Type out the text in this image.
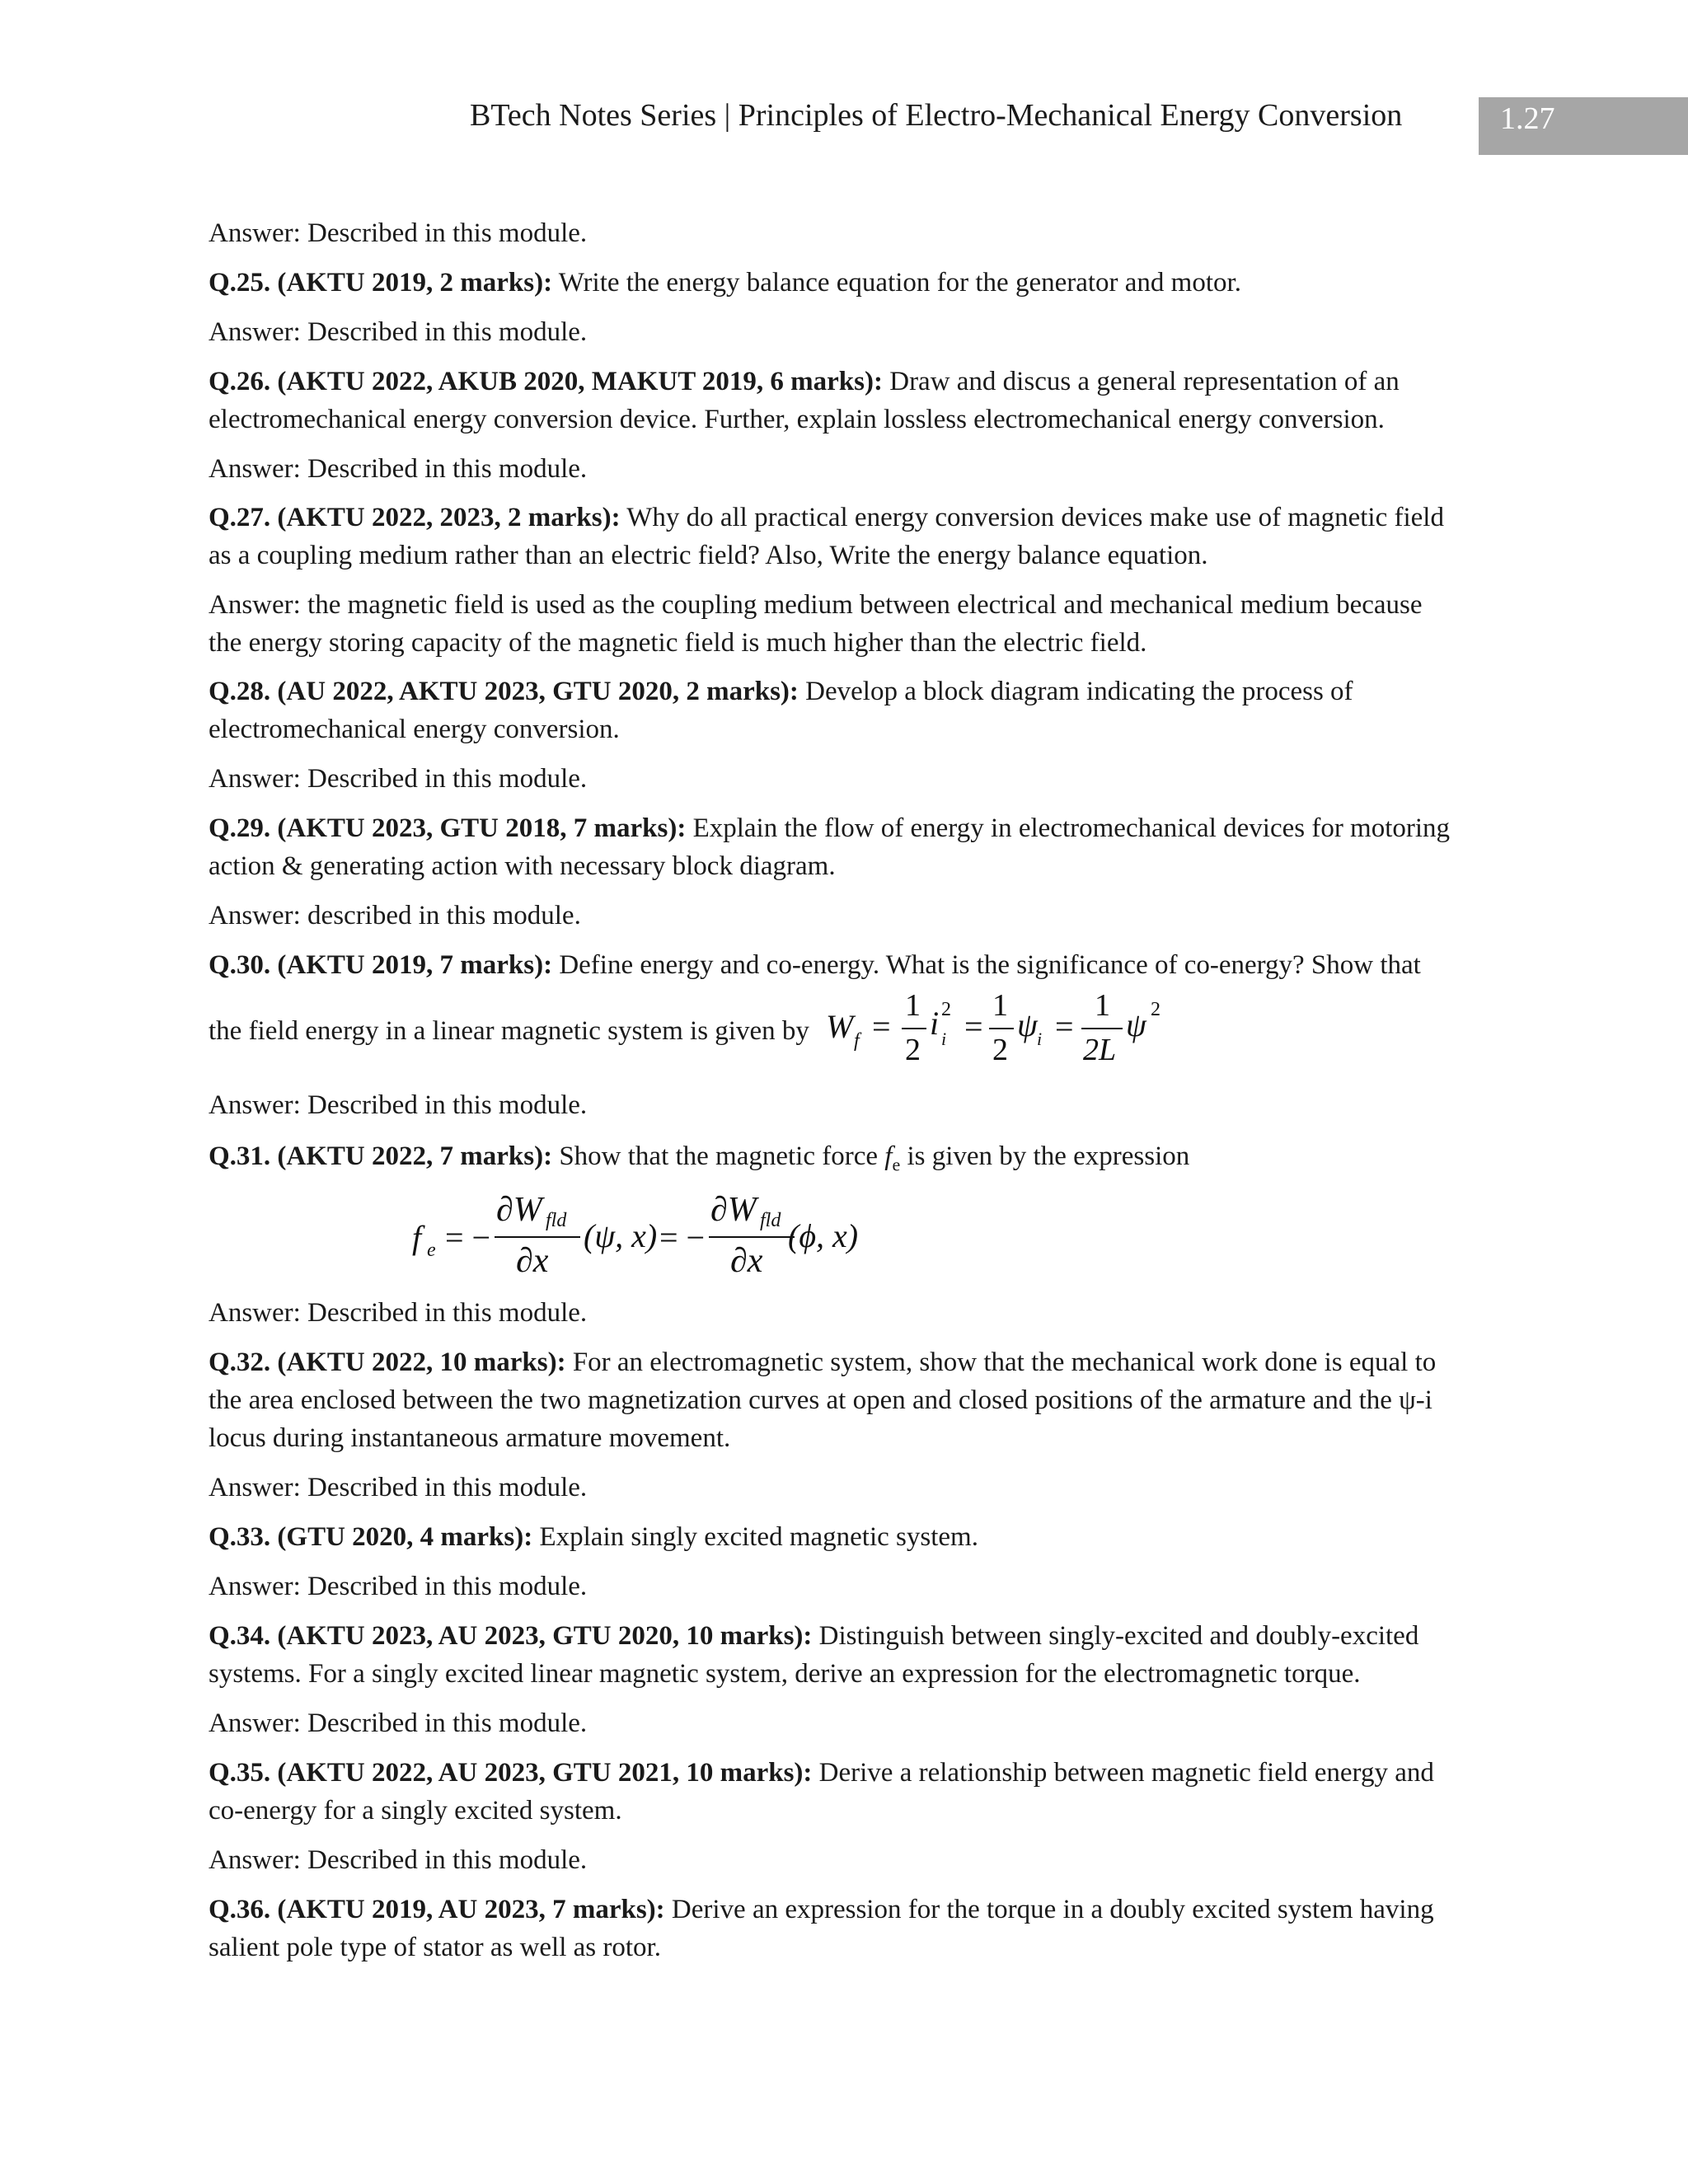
BTech Notes Series | Principles of Electro-Mechanical Energy Conversion	1.27
Answer: Described in this module.
Q.25. (AKTU 2019, 2 marks): Write the energy balance equation for the generator and motor.
Answer: Described in this module.
Q.26. (AKTU 2022, AKUB 2020, MAKUT 2019, 6 marks): Draw and discus a general representation of an
electromechanical energy conversion device. Further, explain lossless electromechanical energy conversion.
Answer: Described in this module.
Q.27. (AKTU 2022, 2023, 2 marks): Why do all practical energy conversion devices make use of magnetic field
as a coupling medium rather than an electric field? Also, Write the energy balance equation.
Answer: the magnetic field is used as the coupling medium between electrical and mechanical medium because
the energy storing capacity of the magnetic field is much higher than the electric field.
Q.28. (AU 2022, AKTU 2023, GTU 2020, 2 marks): Develop a block diagram indicating the process of
electromechanical energy conversion.
Answer: Described in this module.
Q.29. (AKTU 2023, GTU 2018, 7 marks): Explain the flow of energy in electromechanical devices for motoring
action & generating action with necessary block diagram.
Answer: described in this module.
Q.30. (AKTU 2019, 7 marks): Define energy and co-energy. What is the significance of co-energy? Show that
the field energy in a linear magnetic system is given by W f =
1
2
i 2
i =
1
2
ψ i =
1
2L
ψ 2
Answer: Described in this module.
Q.31. (AKTU 2022, 7 marks): Show that the magnetic force $f_e$ is given by the expression
f e = −
∂W fld
∂x
(ψ, x) = −
∂W fld
∂x
(ϕ, x)
Answer: Described in this module.
Q.32. (AKTU 2022, 10 marks): For an electromagnetic system, show that the mechanical work done is equal to
the area enclosed between the two magnetization curves at open and closed positions of the armature and the ψ-i
locus during instantaneous armature movement.
Answer: Described in this module.
Q.33. (GTU 2020, 4 marks): Explain singly excited magnetic system.
Answer: Described in this module.
Q.34. (AKTU 2023, AU 2023, GTU 2020, 10 marks): Distinguish between singly-excited and doubly-excited
systems. For a singly excited linear magnetic system, derive an expression for the electromagnetic torque.
Answer: Described in this module.
Q.35. (AKTU 2022, AU 2023, GTU 2021, 10 marks): Derive a relationship between magnetic field energy and
co-energy for a singly excited system.
Answer: Described in this module.
Q.36. (AKTU 2019, AU 2023, 7 marks): Derive an expression for the torque in a doubly excited system having
salient pole type of stator as well as rotor.
